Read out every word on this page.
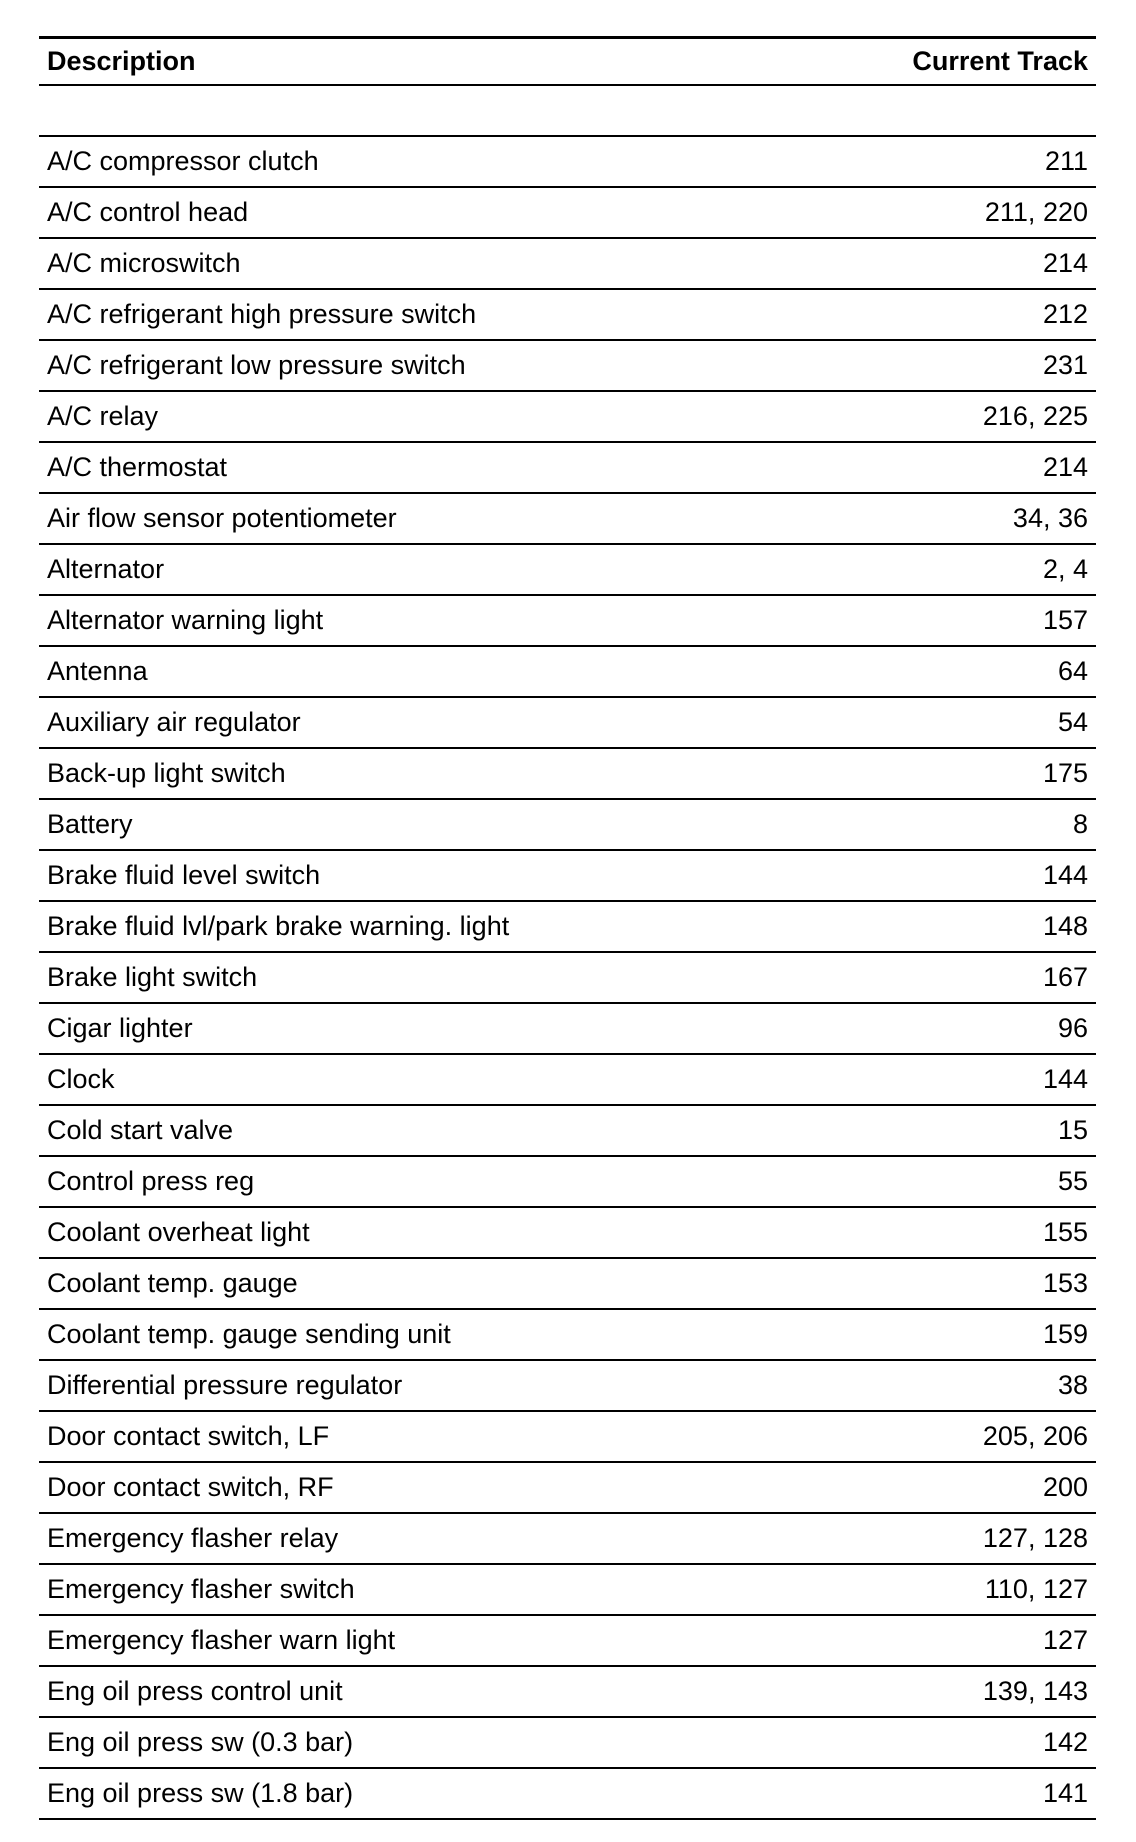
Description	Current Track
A/C compressor clutch	211
A/C control head	211, 220
A/C microswitch	214
A/C refrigerant high pressure switch	212
A/C refrigerant low pressure switch	231
A/C relay	216, 225
A/C thermostat	214
Air flow sensor potentiometer	34, 36
Alternator	2, 4
Alternator warning light	157
Antenna	64
Auxiliary air regulator	54
Back-up light switch	175
Battery	8
Brake fluid level switch	144
Brake fluid lvl/park brake warning. light	148
Brake light switch	167
Cigar lighter	96
Clock	144
Cold start valve	15
Control press reg	55
Coolant overheat light	155
Coolant temp. gauge	153
Coolant temp. gauge sending unit	159
Differential pressure regulator	38
Door contact switch, LF	205, 206
Door contact switch, RF	200
Emergency flasher relay	127, 128
Emergency flasher switch	110, 127
Emergency flasher warn light	127
Eng oil press control unit	139, 143
Eng oil press sw (0.3 bar)	142
Eng oil press sw (1.8 bar)	141
